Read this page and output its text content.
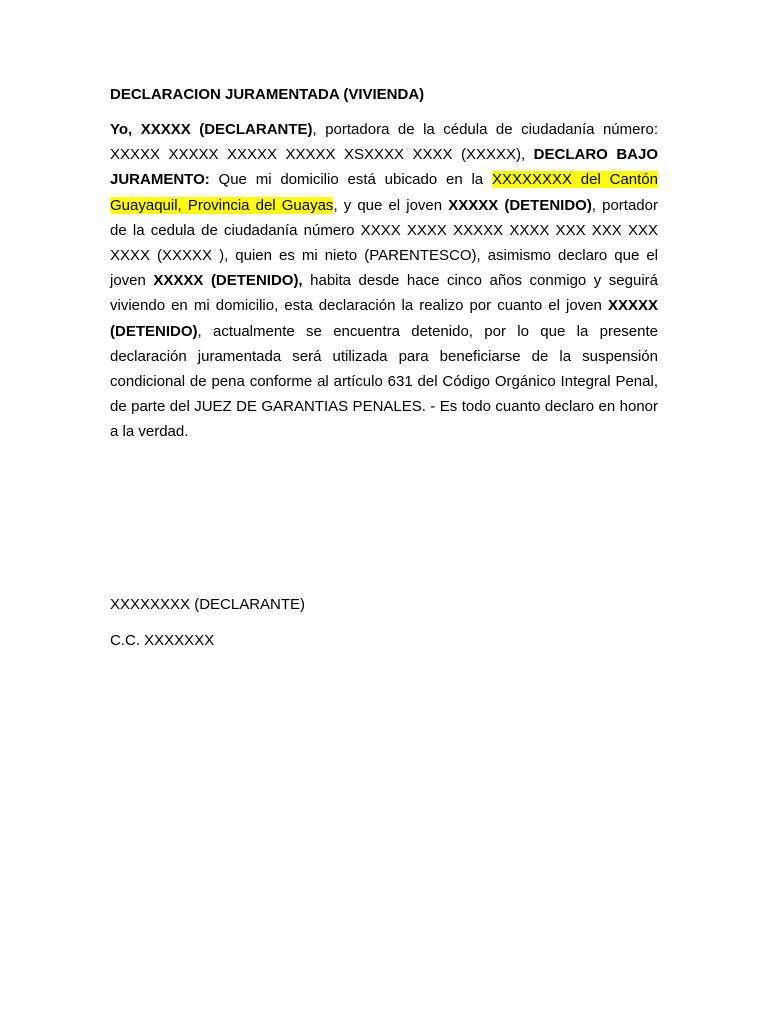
DECLARACION JURAMENTADA (VIVIENDA)

Yo, XXXXX (DECLARANTE), portadora de la cédula de ciudadanía número: XXXXX XXXXX XXXXX XXXXX XSXXXX XXXX (XXXXX), DECLARO BAJO JURAMENTO: Que mi domicilio está ubicado en la XXXXXXXX del Cantón Guayaquil, Provincia del Guayas, y que el joven XXXXX (DETENIDO), portador de la cedula de ciudadanía número XXXX XXXX XXXXX XXXX XXX XXX XXX XXXX (XXXXX ), quien es mi nieto (PARENTESCO), asimismo declaro que el joven XXXXX (DETENIDO), habita desde hace cinco años conmigo y seguirá viviendo en mi domicilio, esta declaración la realizo por cuanto el joven XXXXX (DETENIDO), actualmente se encuentra detenido, por lo que la presente declaración juramentada será utilizada para beneficiarse de la suspensión condicional de pena conforme al artículo 631 del Código Orgánico Integral Penal, de parte del JUEZ DE GARANTIAS PENALES. - Es todo cuanto declaro en honor a la verdad.

XXXXXXXX (DECLARANTE)

C.C. XXXXXXX
